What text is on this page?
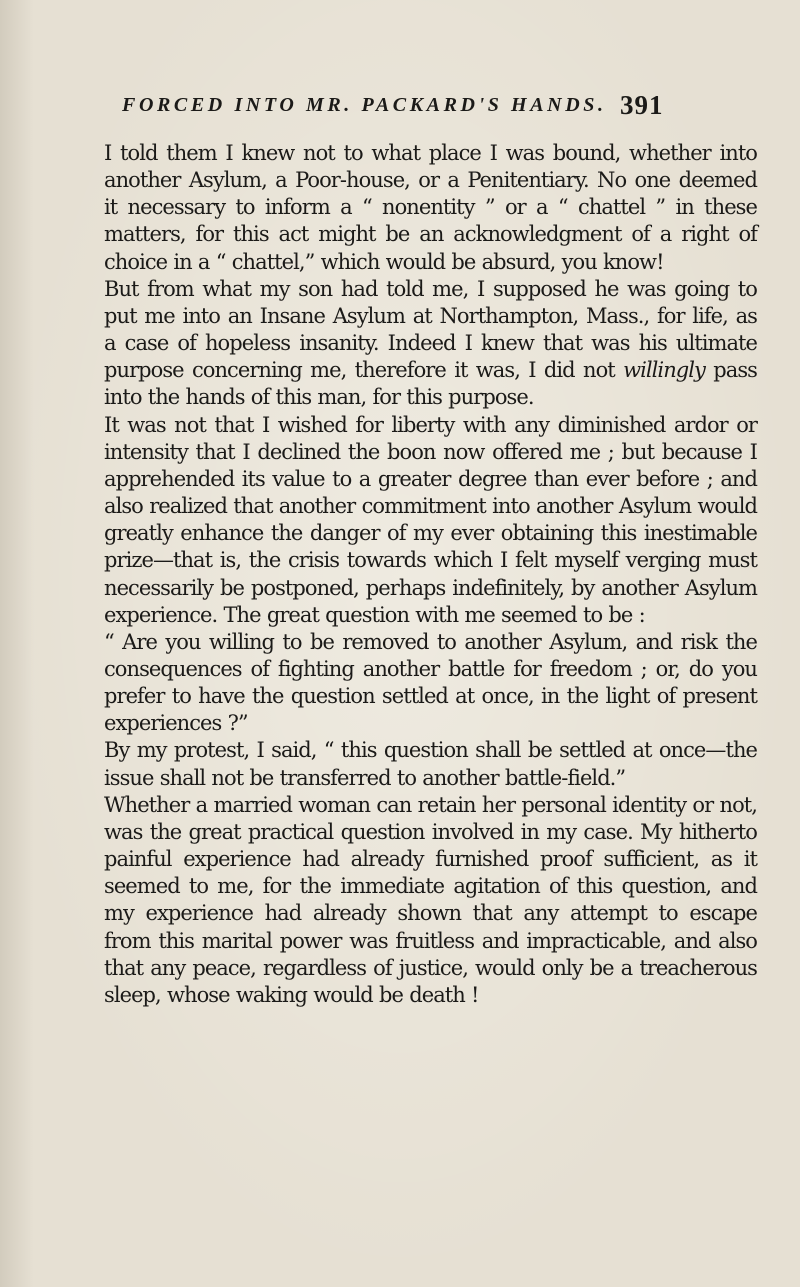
FORCED INTO MR. PACKARD'S HANDS. 391

I told them I knew not to what place I was bound, whether into another Asylum, a Poor-house, or a Penitentiary. No one deemed it necessary to inform a “ nonentity ” or a “ chattel ” in these matters, for this act might be an acknowledgment of a right of choice in a “ chattel,” which would be absurd, you know!

But from what my son had told me, I supposed he was going to put me into an Insane Asylum at Northampton, Mass., for life, as a case of hopeless insanity. Indeed I knew that was his ultimate purpose concerning me, therefore it was, I did not willingly pass into the hands of this man, for this purpose.

It was not that I wished for liberty with any diminished ardor or intensity that I declined the boon now offered me ; but because I apprehended its value to a greater degree than ever before ; and also realized that another commitment into another Asylum would greatly enhance the danger of my ever obtaining this inestimable prize—that is, the crisis towards which I felt myself verging must necessarily be postponed, perhaps indefinitely, by another Asylum experience. The great question with me seemed to be :

“ Are you willing to be removed to another Asylum, and risk the consequences of fighting another battle for freedom ; or, do you prefer to have the question settled at once, in the light of present experiences ?”

By my protest, I said, “ this question shall be settled at once—the issue shall not be transferred to another battle-field.”

Whether a married woman can retain her personal identity or not, was the great practical question involved in my case. My hitherto painful experience had already furnished proof sufficient, as it seemed to me, for the immediate agitation of this question, and my experience had already shown that any attempt to escape from this marital power was fruitless and impracticable, and also that any peace, regardless of justice, would only be a treacherous sleep, whose waking would be death !
